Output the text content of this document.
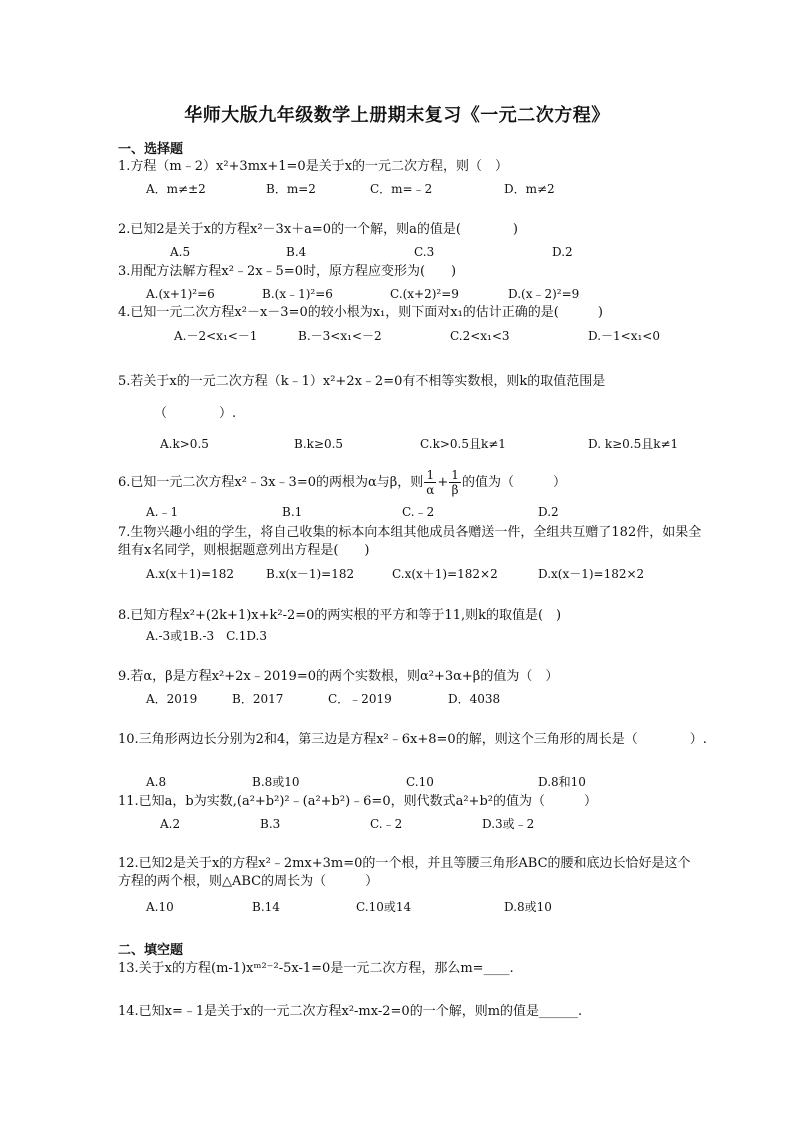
华师大版九年级数学上册期末复习《一元二次方程》
一、选择题
1.方程（m﹣2）x²+3mx+1=0是关于x的一元二次方程，则（　）
A．m≠±2	B．m=2	C．m=﹣2	D．m≠2
2.已知2是关于x的方程x²－3x＋a=0的一个解，则a的值是(　　　　)
A.5	B.4	C.3	D.2
3.用配方法解方程x²﹣2x﹣5=0时，原方程应变形为(　　)
A.(x+1)²=6	B.(x﹣1)²=6	C.(x+2)²=9	D.(x﹣2)²=9
4.已知一元二次方程x²－x－3=0的较小根为x₁，则下面对x₁的估计正确的是(　　　)
A.－2<x₁<－1	B.－3<x₁<－2	C.2<x₁<3	D.－1<x₁<0
5.若关于x的一元二次方程（k﹣1）x²+2x﹣2=0有不相等实数根，则k的取值范围是
（　　　　）.
A.k>0.5	B.k≥0.5	C.k>0.5且k≠1	D. k≥0.5且k≠1
6.已知一元二次方程x²﹣3x﹣3=0的两根为α与β，则 $\frac{1}{\alpha} + \frac{1}{\beta}$ 的值为（　　　）
A.﹣1	B.1	C.﹣2	D.2
7.生物兴趣小组的学生，将自己收集的标本向本组其他成员各赠送一件，全组共互赠了182件，如果全组有x名同学，则根据题意列出方程是(　　)
A.x(x＋1)=182	B.x(x－1)=182	C.x(x＋1)=182×2	D.x(x－1)=182×2
8.已知方程x²+(2k+1)x+k²-2=0的两实根的平方和等于11,则k的取值是(　)
A.-3或1B.-3　C.1D.3
9.若α，β是方程x²+2x﹣2019=0的两个实数根，则α²+3α+β的值为（　）
A．2019	B．2017	C．﹣2019	D．4038
10.三角形两边长分别为2和4，第三边是方程x²﹣6x+8=0的解，则这个三角形的周长是（　　　　）.
A.8	B.8或10	C.10	D.8和10
11.已知a，b为实数,(a²+b²)²﹣(a²+b²)﹣6=0，则代数式a²+b²的值为（　　　）
A.2	B.3	C.﹣2	D.3或﹣2
12.已知2是关于x的方程x²﹣2mx+3m=0的一个根，并且等腰三角形ABC的腰和底边长恰好是这个方程的两个根，则△ABC的周长为（　　　）
A.10	B.14	C.10或14	D.8或10
二、填空题
13.关于x的方程(m-1)xᵐ²⁻²-5x-1=0是一元二次方程，那么m=____.
14.已知x=﹣1是关于x的一元二次方程x²-mx-2=0的一个解，则m的值是______.
